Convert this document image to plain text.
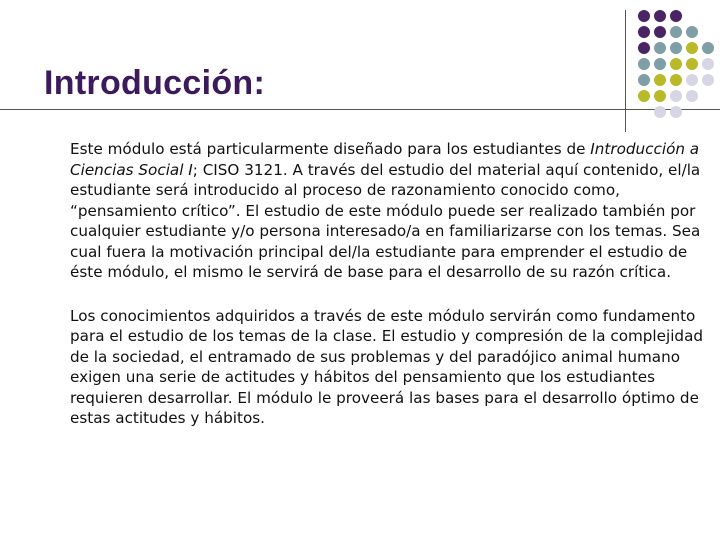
Introducción:

Este módulo está particularmente diseñado para los estudiantes de Introducción a Ciencias Social I; CISO 3121. A través del estudio del material aquí contenido, el/la estudiante será introducido al proceso de razonamiento conocido como, “pensamiento crítico”. El estudio de este módulo puede ser realizado también por cualquier estudiante y/o persona interesado/a en familiarizarse con los temas. Sea cual fuera la motivación principal del/la estudiante para emprender el estudio de éste módulo, el mismo le servirá de base para el desarrollo de su razón crítica.

Los conocimientos adquiridos a través de este módulo servirán como fundamento para el estudio de los temas de la clase. El estudio y compresión de la complejidad de la sociedad, el entramado de sus problemas y del paradójico animal humano exigen una serie de actitudes y hábitos del pensamiento que los estudiantes requieren desarrollar. El módulo le proveerá las bases para el desarrollo óptimo de estas actitudes y hábitos.
